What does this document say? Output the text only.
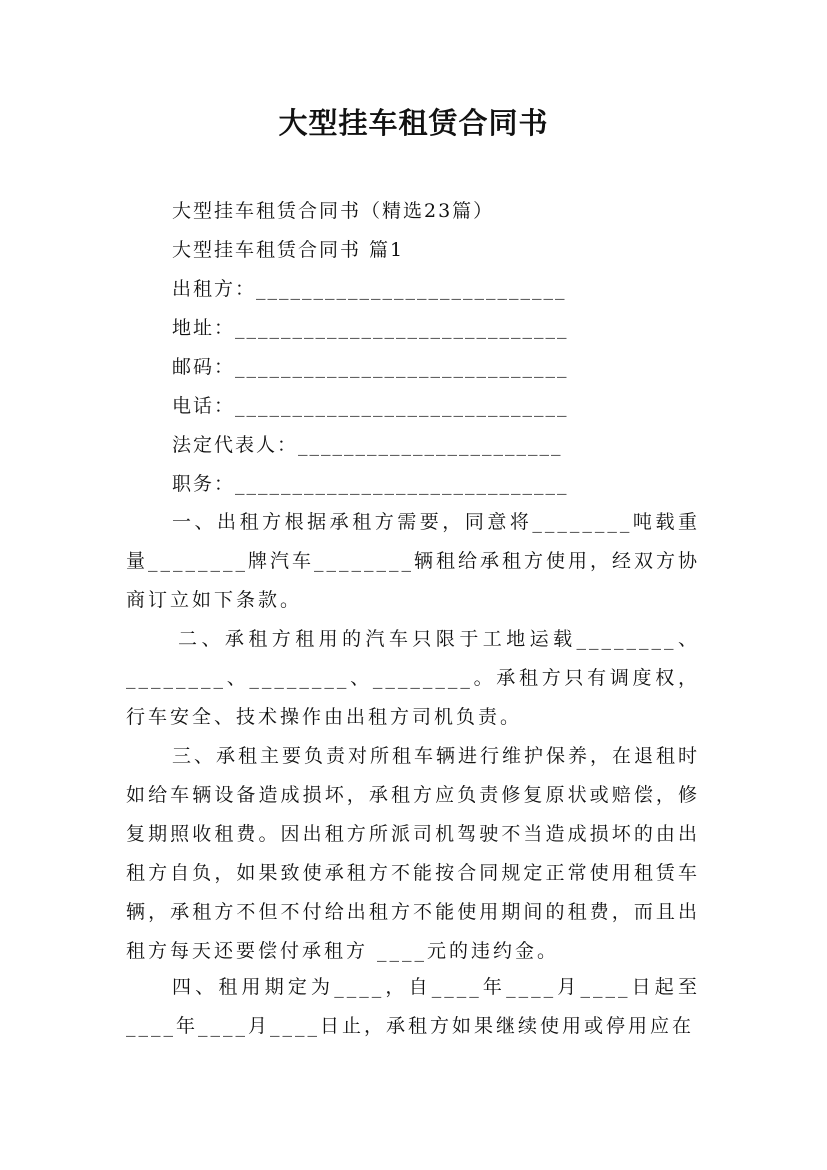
大型挂车租赁合同书
大型挂车租赁合同书（精选23篇）
大型挂车租赁合同书 篇1
出租方：___________________________
地址：_____________________________
邮码：_____________________________
电话：_____________________________
法定代表人：_______________________
职务：_____________________________
一、出租方根据承租方需要，同意将________吨载重量________牌汽车________辆租给承租方使用，经双方协商订立如下条款。
二、承租方租用的汽车只限于工地运载________、________、________、________。承租方只有调度权，行车安全、技术操作由出租方司机负责。
三、承租主要负责对所租车辆进行维护保养，在退租时如给车辆设备造成损坏，承租方应负责修复原状或赔偿，修复期照收租费。因出租方所派司机驾驶不当造成损坏的由出租方自负，如果致使承租方不能按合同规定正常使用租赁车辆，承租方不但不付给出租方不能使用期间的租费，而且出租方每天还要偿付承租方 ____元的违约金。
四、租用期定为____，自____年____月____日起至____年____月____日止，承租方如果继续使用或停用应在
